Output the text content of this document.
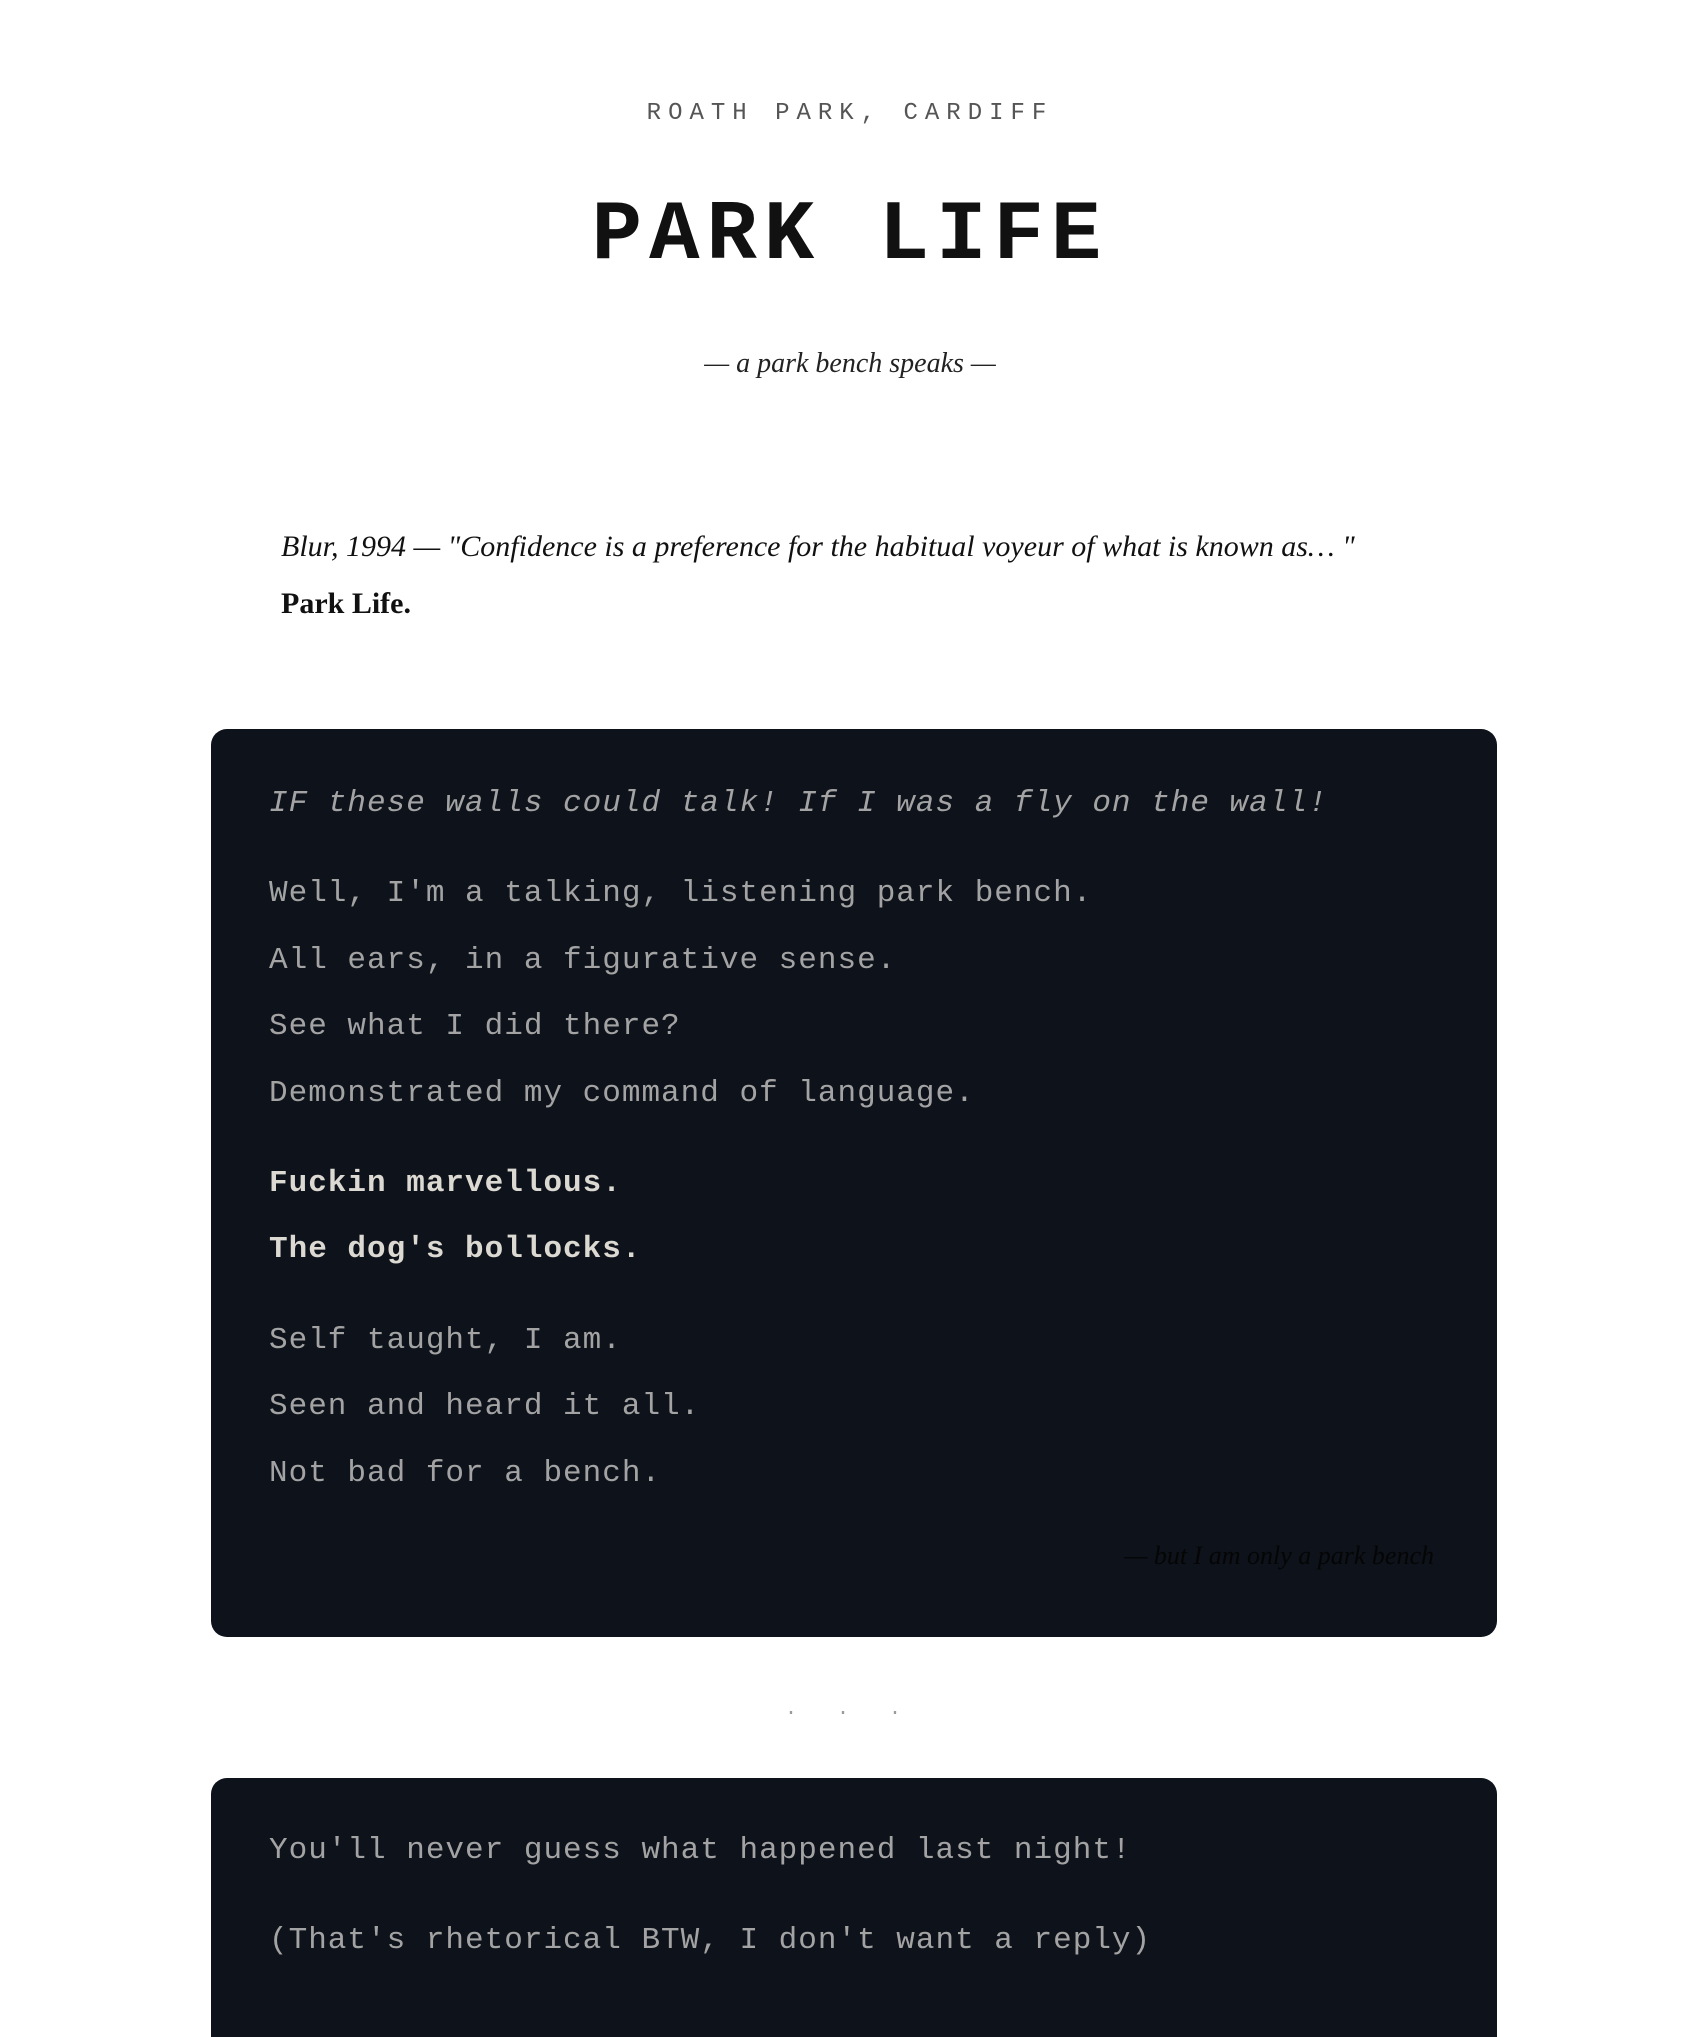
ROATH PARK, CARDIFF
PARK LIFE
— a park bench speaks —
Blur, 1994 — "Confidence is a preference for the habitual voyeur of what is known as… "
Park Life.
IF these walls could talk! If I was a fly on the wall!
Well, I'm a talking, listening park bench.
All ears, in a figurative sense.
See what I did there?
Demonstrated my command of language.
Fuckin marvellous.
The dog's bollocks.
Self taught, I am.
Seen and heard it all.
Not bad for a bench.
— but I am only a park bench
· · ·
You'll never guess what happened last night!
(That's rhetorical BTW, I don't want a reply)
